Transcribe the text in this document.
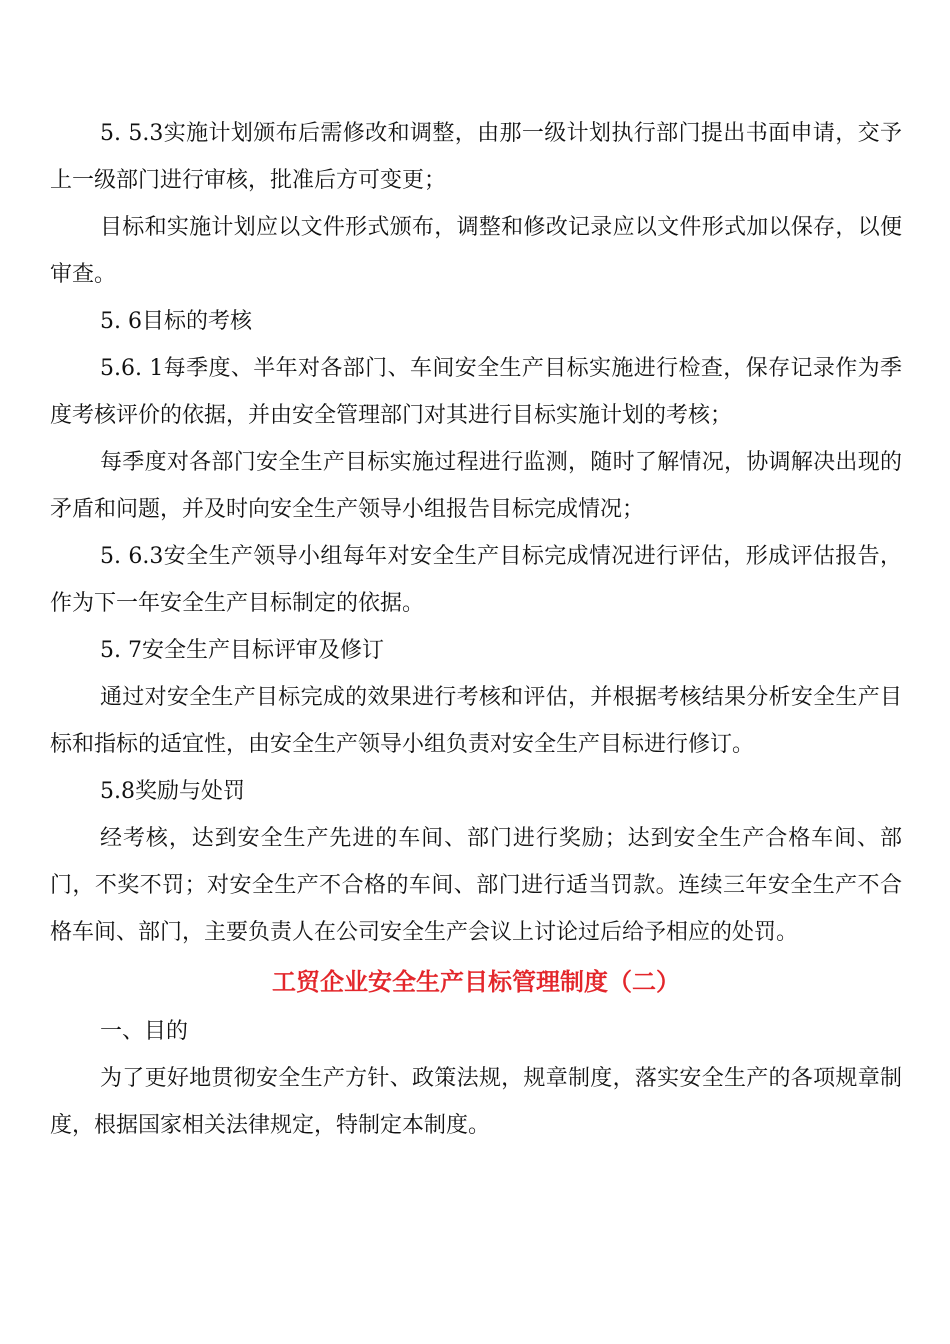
5. 5.3实施计划颁布后需修改和调整，由那一级计划执行部门提出书面申请，交予上一级部门进行审核，批准后方可变更；

目标和实施计划应以文件形式颁布，调整和修改记录应以文件形式加以保存，以便审查。

5. 6目标的考核

5.6. 1每季度、半年对各部门、车间安全生产目标实施进行检查，保存记录作为季度考核评价的依据，并由安全管理部门对其进行目标实施计划的考核；

每季度对各部门安全生产目标实施过程进行监测，随时了解情况，协调解决出现的矛盾和问题，并及时向安全生产领导小组报告目标完成情况；

5. 6.3安全生产领导小组每年对安全生产目标完成情况进行评估，形成评估报告，作为下一年安全生产目标制定的依据。

5. 7安全生产目标评审及修订

通过对安全生产目标完成的效果进行考核和评估，并根据考核结果分析安全生产目标和指标的适宜性，由安全生产领导小组负责对安全生产目标进行修订。

5.8奖励与处罚

经考核，达到安全生产先进的车间、部门进行奖励；达到安全生产合格车间、部门，不奖不罚；对安全生产不合格的车间、部门进行适当罚款。连续三年安全生产不合格车间、部门，主要负责人在公司安全生产会议上讨论过后给予相应的处罚。

工贸企业安全生产目标管理制度（二）

一、目的

为了更好地贯彻安全生产方针、政策法规，规章制度，落实安全生产的各项规章制度，根据国家相关法律规定，特制定本制度。
